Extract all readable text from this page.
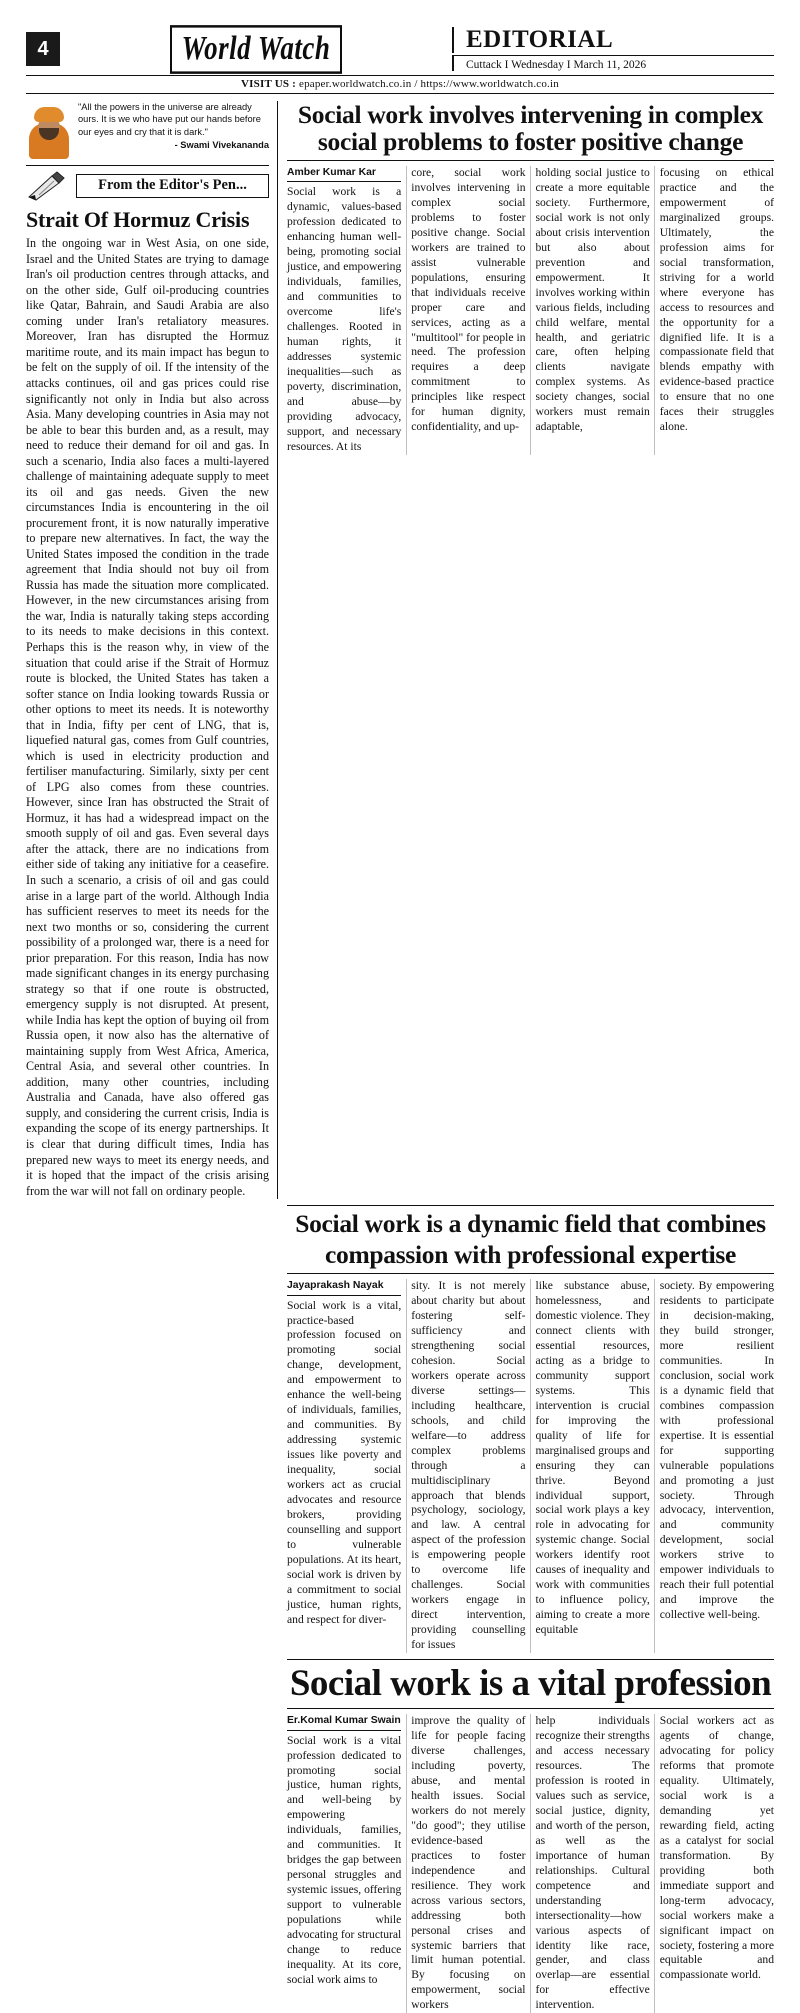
4	World Watch	EDITORIAL
Cuttack I Wednesday I March 11, 2026
VISIT US : epaper.worldwatch.co.in / https://www.worldwatch.co.in
"All the powers in the universe are already ours. It is we who have put our hands before our eyes and cry that it is dark."
- Swami Vivekananda
From the Editor's Pen...
Strait Of Hormuz Crisis
In the ongoing war in West Asia, on one side, Israel and the United States are trying to damage Iran's oil production centres through attacks, and on the other side, Gulf oil-producing countries like Qatar, Bahrain, and Saudi Arabia are also coming under Iran's retaliatory measures. Moreover, Iran has disrupted the Hormuz maritime route, and its main impact has begun to be felt on the supply of oil. If the intensity of the attacks continues, oil and gas prices could rise significantly not only in India but also across Asia. Many developing countries in Asia may not be able to bear this burden and, as a result, may need to reduce their demand for oil and gas. In such a scenario, India also faces a multi-layered challenge of maintaining adequate supply to meet its oil and gas needs. Given the new circumstances India is encountering in the oil procurement front, it is now naturally imperative to prepare new alternatives. In fact, the way the United States imposed the condition in the trade agreement that India should not buy oil from Russia has made the situation more complicated. However, in the new circumstances arising from the war, India is naturally taking steps according to its needs to make decisions in this context. Perhaps this is the reason why, in view of the situation that could arise if the Strait of Hormuz route is blocked, the United States has taken a softer stance on India looking towards Russia or other options to meet its needs. It is noteworthy that in India, fifty per cent of LNG, that is, liquefied natural gas, comes from Gulf countries, which is used in electricity production and fertiliser manufacturing. Similarly, sixty per cent of LPG also comes from these countries. However, since Iran has obstructed the Strait of Hormuz, it has had a widespread impact on the smooth supply of oil and gas. Even several days after the attack, there are no indications from either side of taking any initiative for a ceasefire. In such a scenario, a crisis of oil and gas could arise in a large part of the world. Although India has sufficient reserves to meet its needs for the next two months or so, considering the current possibility of a prolonged war, there is a need for prior preparation. For this reason, India has now made significant changes in its energy purchasing strategy so that if one route is obstructed, emergency supply is not disrupted. At present, while India has kept the option of buying oil from Russia open, it now also has the alternative of maintaining supply from West Africa, America, Central Asia, and several other countries. In addition, many other countries, including Australia and Canada, have also offered gas supply, and considering the current crisis, India is expanding the scope of its energy partnerships. It is clear that during difficult times, India has prepared new ways to meet its energy needs, and it is hoped that the impact of the crisis arising from the war will not fall on ordinary people.
Social work involves intervening in complex
social problems to foster positive change

Amber Kumar Kar
Social work is a dynamic, values-based profession dedicated to enhancing human well-being, promoting social justice, and empowering individuals, families, and communities to overcome life's challenges. Rooted in human rights, it addresses systemic inequalities—such as poverty, discrimination, and abuse—by providing advocacy, support, and necessary resources. At its

core, social work involves intervening in complex social problems to foster positive change. Social workers are trained to assist vulnerable populations, ensuring that individuals receive proper care and services, acting as a "multitool" for people in need. The profession requires a deep commitment to principles like respect for human dignity, confidentiality, and up-

holding social justice to create a more equitable society. Furthermore, social work is not only about crisis intervention but also about prevention and empowerment. It involves working within various fields, including child welfare, mental health, and geriatric care, often helping clients navigate complex systems. As society changes, social workers must remain adaptable,

focusing on ethical practice and the empowerment of marginalized groups. Ultimately, the profession aims for social transformation, striving for a world where everyone has access to resources and the opportunity for a dignified life. It is a compassionate field that blends empathy with evidence-based practice to ensure that no one faces their struggles alone.

Social work is a dynamic field that combines
compassion with professional expertise

Jayaprakash Nayak
Social work is a vital, practice-based profession focused on promoting social change, development, and empowerment to enhance the well-being of individuals, families, and communities. By addressing systemic issues like poverty and inequality, social workers act as crucial advocates and resource brokers, providing counselling and support to vulnerable populations. At its heart, social work is driven by a commitment to social justice, human rights, and respect for diver-

sity. It is not merely about charity but about fostering self-sufficiency and strengthening social cohesion. Social workers operate across diverse settings—including healthcare, schools, and child welfare—to address complex problems through a multidisciplinary approach that blends psychology, sociology, and law. A central aspect of the profession is empowering people to overcome life challenges. Social workers engage in direct intervention, providing counselling for issues

like substance abuse, homelessness, and domestic violence. They connect clients with essential resources, acting as a bridge to community support systems. This intervention is crucial for improving the quality of life for marginalised groups and ensuring they can thrive. Beyond individual support, social work plays a key role in advocating for systemic change. Social workers identify root causes of inequality and work with communities to influence policy, aiming to create a more equitable

society. By empowering residents to participate in decision-making, they build stronger, more resilient communities. In conclusion, social work is a dynamic field that combines compassion with professional expertise. It is essential for supporting vulnerable populations and promoting a just society. Through advocacy, intervention, and community development, social workers strive to empower individuals to reach their full potential and improve the collective well-being.

Social work is a vital profession

Er.Komal Kumar Swain
Social work is a vital profession dedicated to promoting social justice, human rights, and well-being by empowering individuals, families, and communities. It bridges the gap between personal struggles and systemic issues, offering support to vulnerable populations while advocating for structural change to reduce inequality. At its core, social work aims to

improve the quality of life for people facing diverse challenges, including poverty, abuse, and mental health issues. Social workers do not merely "do good"; they utilise evidence-based practices to foster independence and resilience. They work across various sectors, addressing both personal crises and systemic barriers that limit human potential. By focusing on empowerment, social workers

help individuals recognize their strengths and access necessary resources. The profession is rooted in values such as service, social justice, dignity, and worth of the person, as well as the importance of human relationships. Cultural competence and understanding intersectionality—how various aspects of identity like race, gender, and class overlap—are essential for effective intervention.

Social workers act as agents of change, advocating for policy reforms that promote equality. Ultimately, social work is a demanding yet rewarding field, acting as a catalyst for social transformation. By providing both immediate support and long-term advocacy, social workers make a significant impact on society, fostering a more equitable and compassionate world.
